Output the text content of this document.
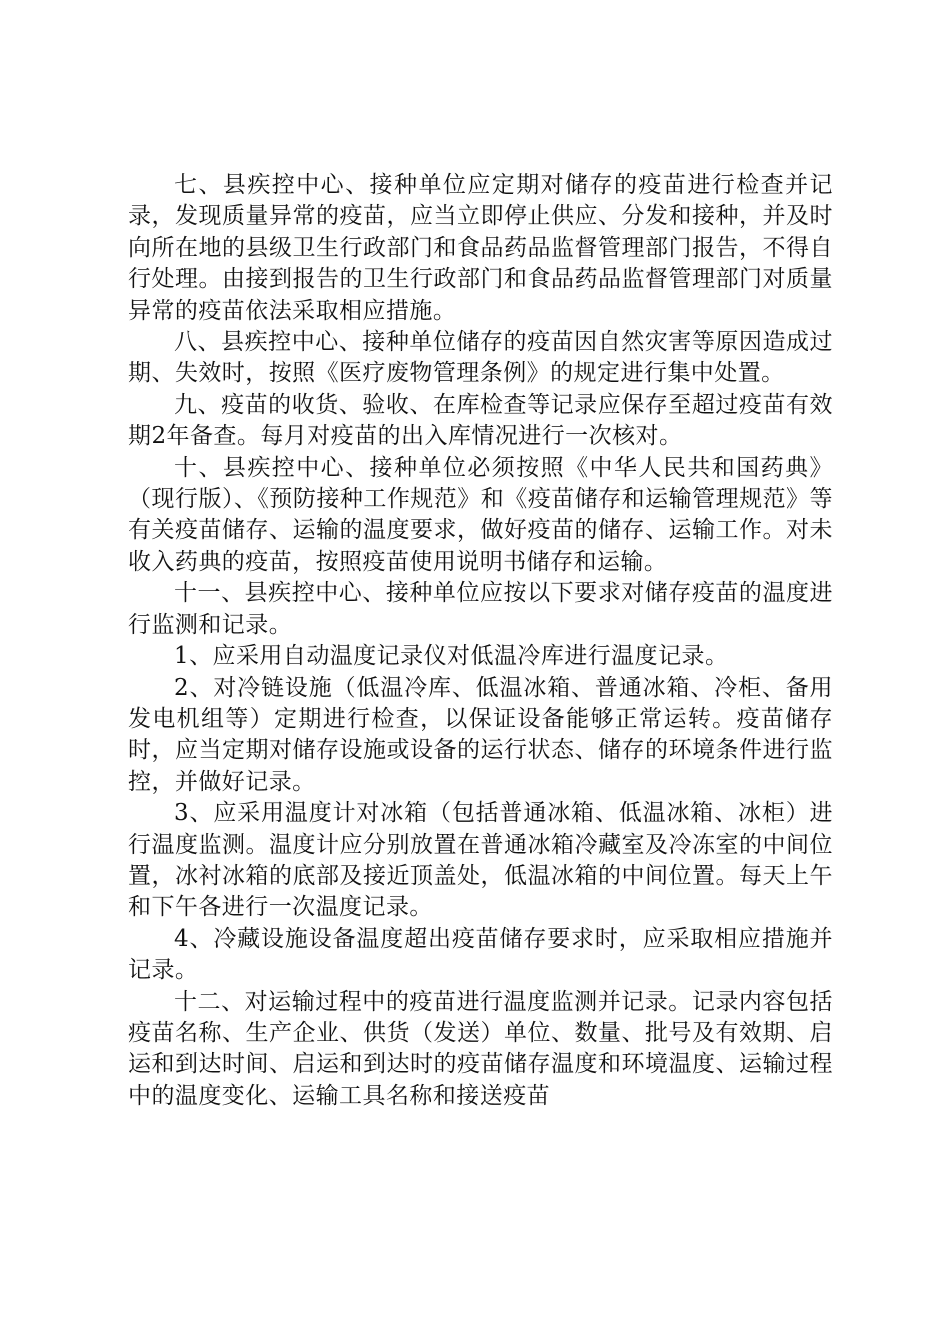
七、县疾控中心、接种单位应定期对储存的疫苗进行检查并记录，发现质量异常的疫苗，应当立即停止供应、分发和接种，并及时向所在地的县级卫生行政部门和食品药品监督管理部门报告，不得自行处理。由接到报告的卫生行政部门和食品药品监督管理部门对质量异常的疫苗依法采取相应措施。

八、县疾控中心、接种单位储存的疫苗因自然灾害等原因造成过期、失效时，按照《医疗废物管理条例》的规定进行集中处置。

九、疫苗的收货、验收、在库检查等记录应保存至超过疫苗有效期2年备查。每月对疫苗的出入库情况进行一次核对。

十、县疾控中心、接种单位必须按照《中华人民共和国药典》（现行版）、《预防接种工作规范》和《疫苗储存和运输管理规范》等有关疫苗储存、运输的温度要求，做好疫苗的储存、运输工作。对未收入药典的疫苗，按照疫苗使用说明书储存和运输。

十一、县疾控中心、接种单位应按以下要求对储存疫苗的温度进行监测和记录。

1、应采用自动温度记录仪对低温冷库进行温度记录。

2、对冷链设施（低温冷库、低温冰箱、普通冰箱、冷柜、备用发电机组等）定期进行检查，以保证设备能够正常运转。疫苗储存时，应当定期对储存设施或设备的运行状态、储存的环境条件进行监控，并做好记录。

3、应采用温度计对冰箱（包括普通冰箱、低温冰箱、冰柜）进行温度监测。温度计应分别放置在普通冰箱冷藏室及冷冻室的中间位置，冰衬冰箱的底部及接近顶盖处，低温冰箱的中间位置。每天上午和下午各进行一次温度记录。

4、冷藏设施设备温度超出疫苗储存要求时，应采取相应措施并记录。

十二、对运输过程中的疫苗进行温度监测并记录。记录内容包括疫苗名称、生产企业、供货（发送）单位、数量、批号及有效期、启运和到达时间、启运和到达时的疫苗储存温度和环境温度、运输过程中的温度变化、运输工具名称和接送疫苗
